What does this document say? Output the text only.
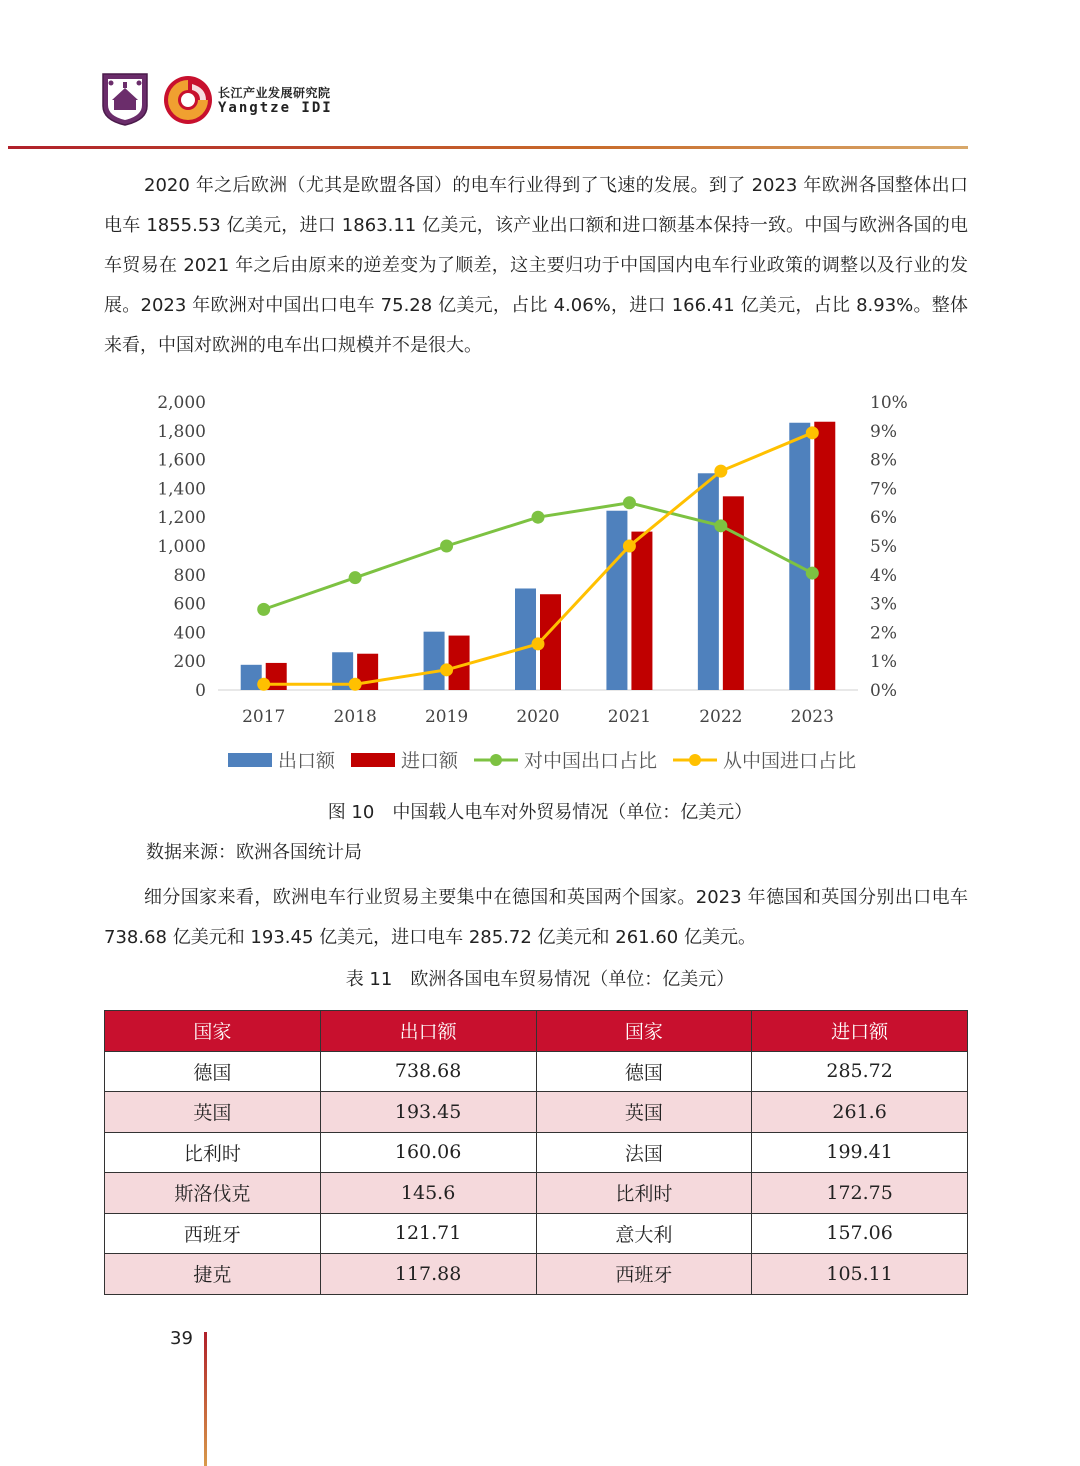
长江产业发展研究院
Yangtze IDI

2020 年之后欧洲（尤其是欧盟各国）的电车行业得到了飞速的发展。到了 2023 年欧洲各国整体出口电车 1855.53 亿美元，进口 1863.11 亿美元，该产业出口额和进口额基本保持一致。中国与欧洲各国的电车贸易在 2021 年之后由原来的逆差变为了顺差，这主要归功于中国国内电车行业政策的调整以及行业的发展。2023 年欧洲对中国出口电车 75.28 亿美元，占比 4.06%，进口 166.41 亿美元，占比 8.93%。整体来看，中国对欧洲的电车出口规模并不是很大。

0
200
400
600
800
1,000
1,200
1,400
1,600
1,800
2,000
0%
1%
2%
3%
4%
5%
6%
7%
8%
9%
10%
2017	2018	2019	2020	2021	2022	2023
出口额	进口额	对中国出口占比	从中国进口占比
图 10　中国载人电车对外贸易情况（单位：亿美元）
数据来源：欧洲各国统计局

细分国家来看，欧洲电车行业贸易主要集中在德国和英国两个国家。2023 年德国和英国分别出口电车 738.68 亿美元和 193.45 亿美元，进口电车 285.72 亿美元和 261.60 亿美元。

表 11　欧洲各国电车贸易情况（单位：亿美元）
国家	出口额	国家	进口额
德国	738.68	德国	285.72
英国	193.45	英国	261.6
比利时	160.06	法国	199.41
斯洛伐克	145.6	比利时	172.75
西班牙	121.71	意大利	157.06
捷克	117.88	西班牙	105.11
39
